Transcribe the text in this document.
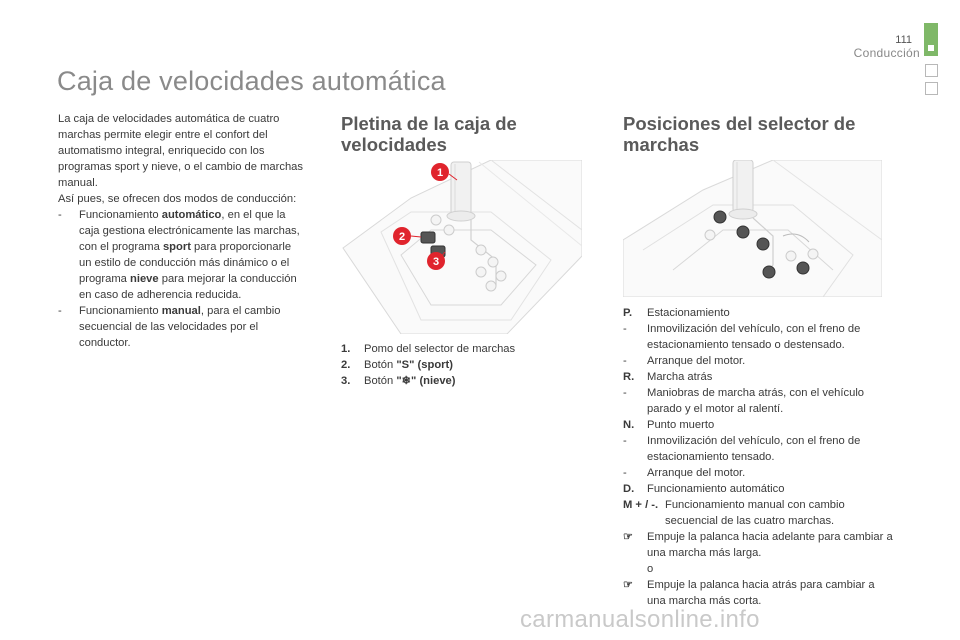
111
Conducción
Caja de velocidades automática

La caja de velocidades automática de cuatro marchas permite elegir entre el confort del automatismo integral, enriquecido con los programas sport y nieve, o el cambio de marchas manual.

Así pues, se ofrecen dos modos de conducción:

- Funcionamiento automático, en el que la caja gestiona electrónicamente las marchas, con el programa sport para proporcionarle un estilo de conducción más dinámico o el programa nieve para mejorar la conducción en caso de adherencia reducida.

- Funcionamiento manual, para el cambio secuencial de las velocidades por el conductor.

Pletina de la caja de velocidades
1
2
3

1. Pomo del selector de marchas

2. Botón "S" (sport)

3. Botón "❄" (nieve)

Posiciones del selector de marchas

P. Estacionamiento

- Inmovilización del vehículo, con el freno de estacionamiento tensado o destensado.

- Arranque del motor.

R. Marcha atrás

- Maniobras de marcha atrás, con el vehículo parado y el motor al ralentí.

N. Punto muerto

- Inmovilización del vehículo, con el freno de estacionamiento tensado.

- Arranque del motor.

D. Funcionamiento automático

M + / -. Funcionamiento manual con cambio secuencial de las cuatro marchas.

☞ Empuje la palanca hacia adelante para cambiar a una marcha más larga.

o

☞ Empuje la palanca hacia atrás para cambiar a una marcha más corta.

carmanualsonline.info
